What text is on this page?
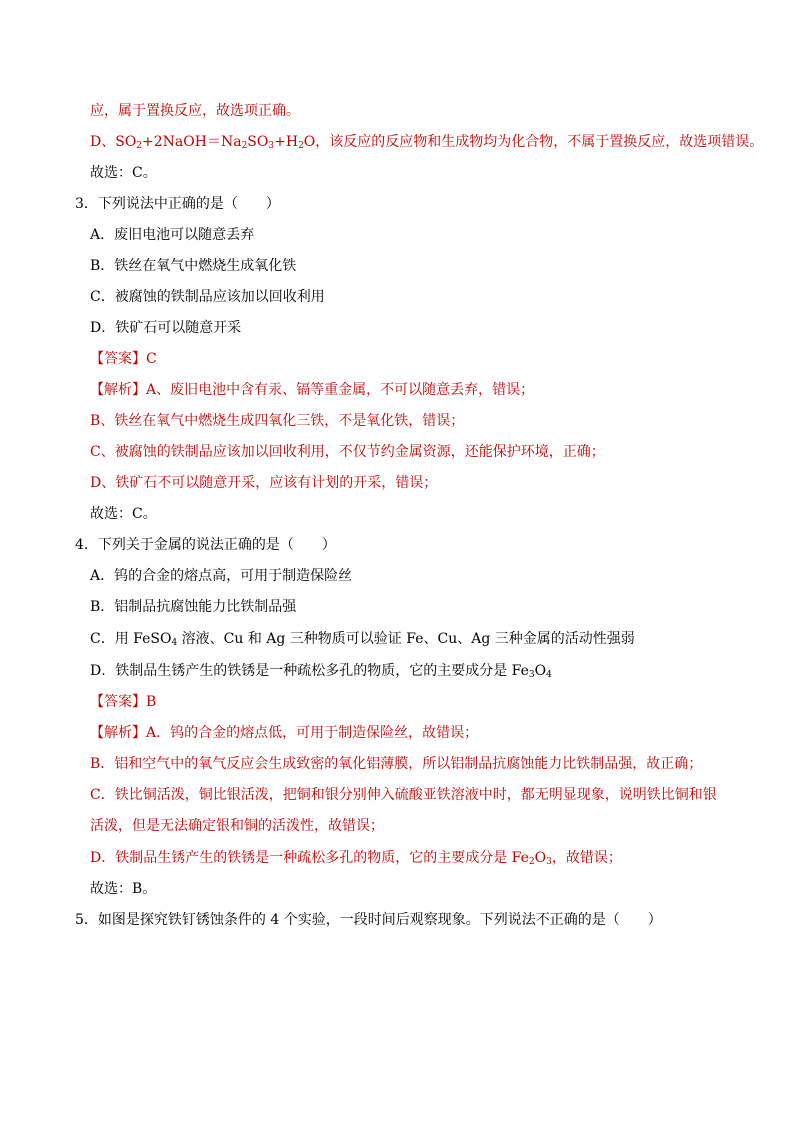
应，属于置换反应，故选项正确。
D、$SO_2+2NaOH=Na_2SO_3+H_2O$，该反应的反应物和生成物均为化合物，不属于置换反应，故选项错误。
故选：C。
3．下列说法中正确的是（　　）
A．废旧电池可以随意丢弃
B．铁丝在氧气中燃烧生成氧化铁
C．被腐蚀的铁制品应该加以回收利用
D．铁矿石可以随意开采
【答案】C
【解析】A、废旧电池中含有汞、镉等重金属，不可以随意丢弃，错误；
B、铁丝在氧气中燃烧生成四氧化三铁，不是氧化铁，错误；
C、被腐蚀的铁制品应该加以回收利用，不仅节约金属资源，还能保护环境，正确；
D、铁矿石不可以随意开采，应该有计划的开采，错误；
故选：C。
4．下列关于金属的说法正确的是（　　）
A．钨的合金的熔点高，可用于制造保险丝
B．铝制品抗腐蚀能力比铁制品强
C．用 FeSO$_4$ 溶液、Cu 和 Ag 三种物质可以验证 Fe、Cu、Ag 三种金属的活动性强弱
D．铁制品生锈产生的铁锈是一种疏松多孔的物质，它的主要成分是 $Fe_3O_4$
【答案】B
【解析】A．钨的合金的熔点低，可用于制造保险丝，故错误；
B．铝和空气中的氧气反应会生成致密的氧化铝薄膜，所以铝制品抗腐蚀能力比铁制品强，故正确；
C．铁比铜活泼，铜比银活泼，把铜和银分别伸入硫酸亚铁溶液中时，都无明显现象，说明铁比铜和银
活泼，但是无法确定银和铜的活泼性，故错误；
D．铁制品生锈产生的铁锈是一种疏松多孔的物质，它的主要成分是 $Fe_2O_3$，故错误；
故选：B。
5．如图是探究铁钉锈蚀条件的 4 个实验，一段时间后观察现象。下列说法不正确的是（　　）
